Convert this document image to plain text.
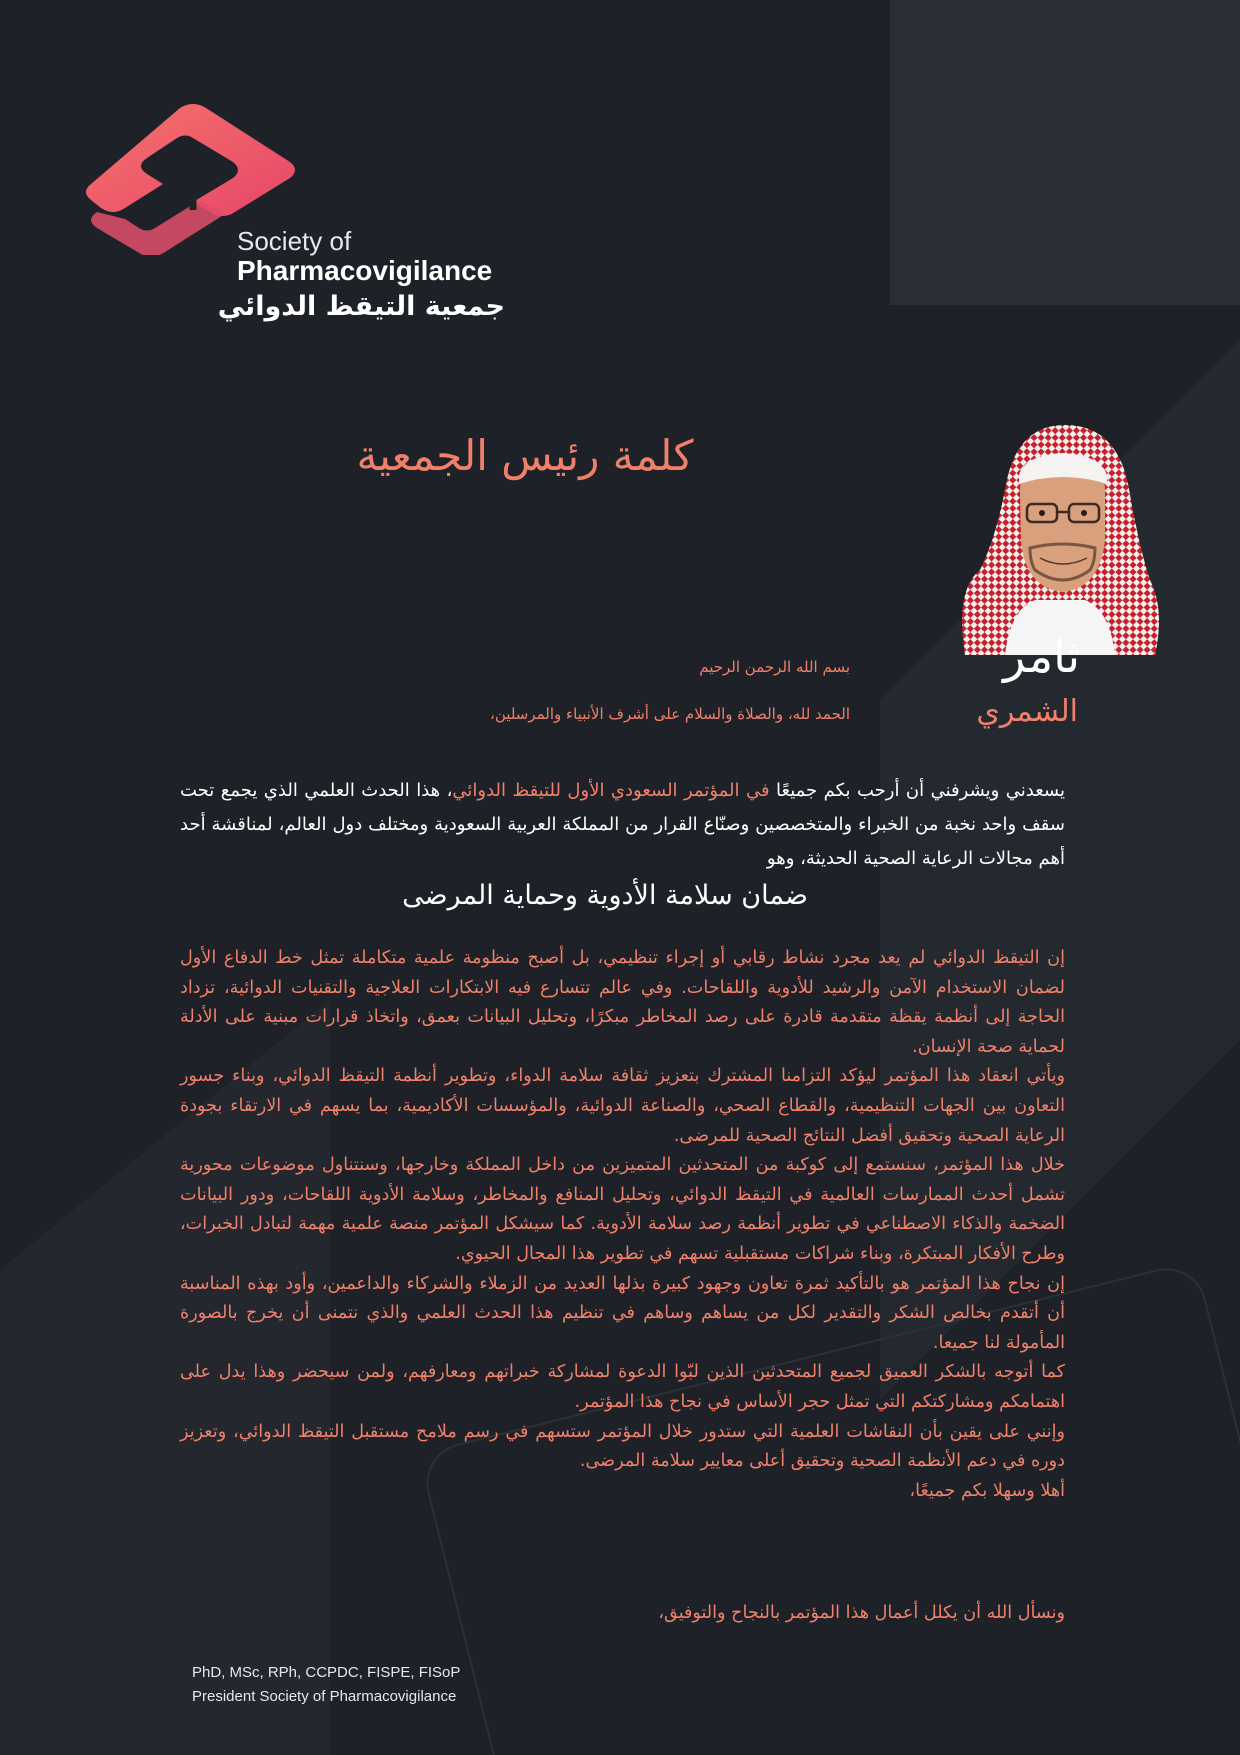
Society of
Pharmacovigilance
جمعية التيقظ الدوائي
كلمة رئيس الجمعية
ثامر
الشمري
بسم الله الرحمن الرحيم
الحمد لله، والصلاة والسلام على أشرف الأنبياء والمرسلين،
يسعدني ويشرفني أن أرحب بكم جميعًا في المؤتمر السعودي الأول للتيقظ الدوائي، هذا الحدث العلمي الذي يجمع تحت سقف واحد نخبة من الخبراء والمتخصصين وصنّاع القرار من المملكة العربية السعودية ومختلف دول العالم، لمناقشة أحد أهم مجالات الرعاية الصحية الحديثة، وهو
ضمان سلامة الأدوية وحماية المرضى

إن التيقظ الدوائي لم يعد مجرد نشاط رقابي أو إجراء تنظيمي، بل أصبح منظومة علمية متكاملة تمثل خط الدفاع الأول لضمان الاستخدام الآمن والرشيد للأدوية واللقاحات. وفي عالم تتسارع فيه الابتكارات العلاجية والتقنيات الدوائية، تزداد الحاجة إلى أنظمة يقظة متقدمة قادرة على رصد المخاطر مبكرًا، وتحليل البيانات بعمق، واتخاذ قرارات مبنية على الأدلة لحماية صحة الإنسان.

ويأتي انعقاد هذا المؤتمر ليؤكد التزامنا المشترك بتعزيز ثقافة سلامة الدواء، وتطوير أنظمة التيقظ الدوائي، وبناء جسور التعاون بين الجهات التنظيمية، والقطاع الصحي، والصناعة الدوائية، والمؤسسات الأكاديمية، بما يسهم في الارتقاء بجودة الرعاية الصحية وتحقيق أفضل النتائج الصحية للمرضى.

خلال هذا المؤتمر، سنستمع إلى كوكبة من المتحدثين المتميزين من داخل المملكة وخارجها، وسنتناول موضوعات محورية تشمل أحدث الممارسات العالمية في التيقظ الدوائي، وتحليل المنافع والمخاطر، وسلامة الأدوية اللقاحات، ودور البيانات الضخمة والذكاء الاصطناعي في تطوير أنظمة رصد سلامة الأدوية. كما سيشكل المؤتمر منصة علمية مهمة لتبادل الخبرات، وطرح الأفكار المبتكرة، وبناء شراكات مستقبلية تسهم في تطوير هذا المجال الحيوي.

إن نجاح هذا المؤتمر هو بالتأكيد ثمرة تعاون وجهود كبيرة بذلها العديد من الزملاء والشركاء والداعمين، وأود بهذه المناسبة أن أتقدم بخالص الشكر والتقدير لكل من يساهم وساهم في تنظيم هذا الحدث العلمي والذي نتمنى أن يخرج بالصورة المأمولة لنا جميعا.

كما أتوجه بالشكر العميق لجميع المتحدثين الذين لبّوا الدعوة لمشاركة خبراتهم ومعارفهم، ولمن سيحضر وهذا يدل على اهتمامكم ومشاركتكم التي تمثل حجر الأساس في نجاح هذا المؤتمر.

وإنني على يقين بأن النقاشات العلمية التي ستدور خلال المؤتمر ستسهم في رسم ملامح مستقبل التيقظ الدوائي، وتعزيز دوره في دعم الأنظمة الصحية وتحقيق أعلى معايير سلامة المرضى.

أهلا وسهلا بكم جميعًا،

ونسأل الله أن يكلل أعمال هذا المؤتمر بالنجاح والتوفيق،
PhD, MSc, RPh, CCPDC, FISPE, FISoP
President Society of Pharmacovigilance
